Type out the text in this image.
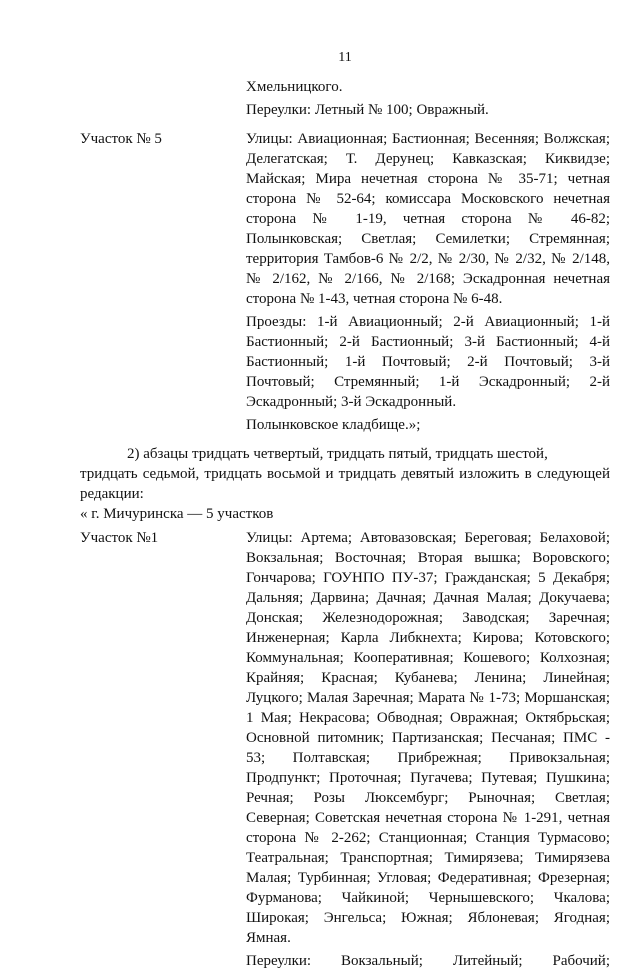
11
Хмельницкого.
Переулки: Летный № 100; Овражный.
Участок № 5	Улицы: Авиационная; Бастионная; Весенняя; Волжская;
Делегатская; Т. Дерунец; Кавказская; Киквидзе;
Майская; Мира нечетная сторона № 35-71; четная
сторона № 52-64; комиссара Московского нечетная
сторона № 1-19, четная сторона № 46-82;
Полынковская; Светлая; Семилетки; Стремянная;
территория Тамбов-6 № 2/2, № 2/30, № 2/32, № 2/148,
№ 2/162, № 2/166, № 2/168; Эскадронная нечетная
сторона № 1-43, четная сторона № 6-48.
Проезды: 1-й Авиационный; 2-й Авиационный; 1-й
Бастионный; 2-й Бастионный; 3-й Бастионный; 4-й
Бастионный; 1-й Почтовый; 2-й Почтовый; 3-й
Почтовый; Стремянный; 1-й Эскадронный; 2-й
Эскадронный; 3-й Эскадронный.
Полынковское кладбище.»;
2) абзацы тридцать четвертый, тридцать пятый, тридцать шестой,
тридцать седьмой, тридцать восьмой и тридцать девятый изложить в следующей
редакции:
« г. Мичуринска — 5 участков
Участок №1	Улицы: Артема; Автовазовская; Береговая; Белаховой;
Вокзальная; Восточная; Вторая вышка; Воровского;
Гончарова; ГОУНПО ПУ-37; Гражданская; 5 Декабря;
Дальняя; Дарвина; Дачная; Дачная Малая; Докучаева;
Донская; Железнодорожная; Заводская; Заречная;
Инженерная; Карла Либкнехта; Кирова; Котовского;
Коммунальная; Кооперативная; Кошевого; Колхозная;
Крайняя; Красная; Кубанева; Ленина; Линейная;
Луцкого; Малая Заречная; Марата № 1-73; Моршанская;
1 Мая; Некрасова; Обводная; Овражная; Октябрьская;
Основной питомник; Партизанская; Песчаная; ПМС -
53; Полтавская; Прибрежная; Привокзальная;
Продпункт; Проточная; Пугачева; Путевая; Пушкина;
Речная; Розы Люксембург; Рыночная; Светлая;
Северная; Советская нечетная сторона № 1-291, четная
сторона № 2-262; Станционная; Станция Турмасово;
Театральная; Транспортная; Тимирязева; Тимирязева
Малая; Турбинная; Угловая; Федеративная; Фрезерная;
Фурманова; Чайкиной; Чернышевского; Чкалова;
Широкая; Энгельса; Южная; Яблоневая; Ягодная;
Ямная.
Переулки: Вокзальный; Литейный; Рабочий;
